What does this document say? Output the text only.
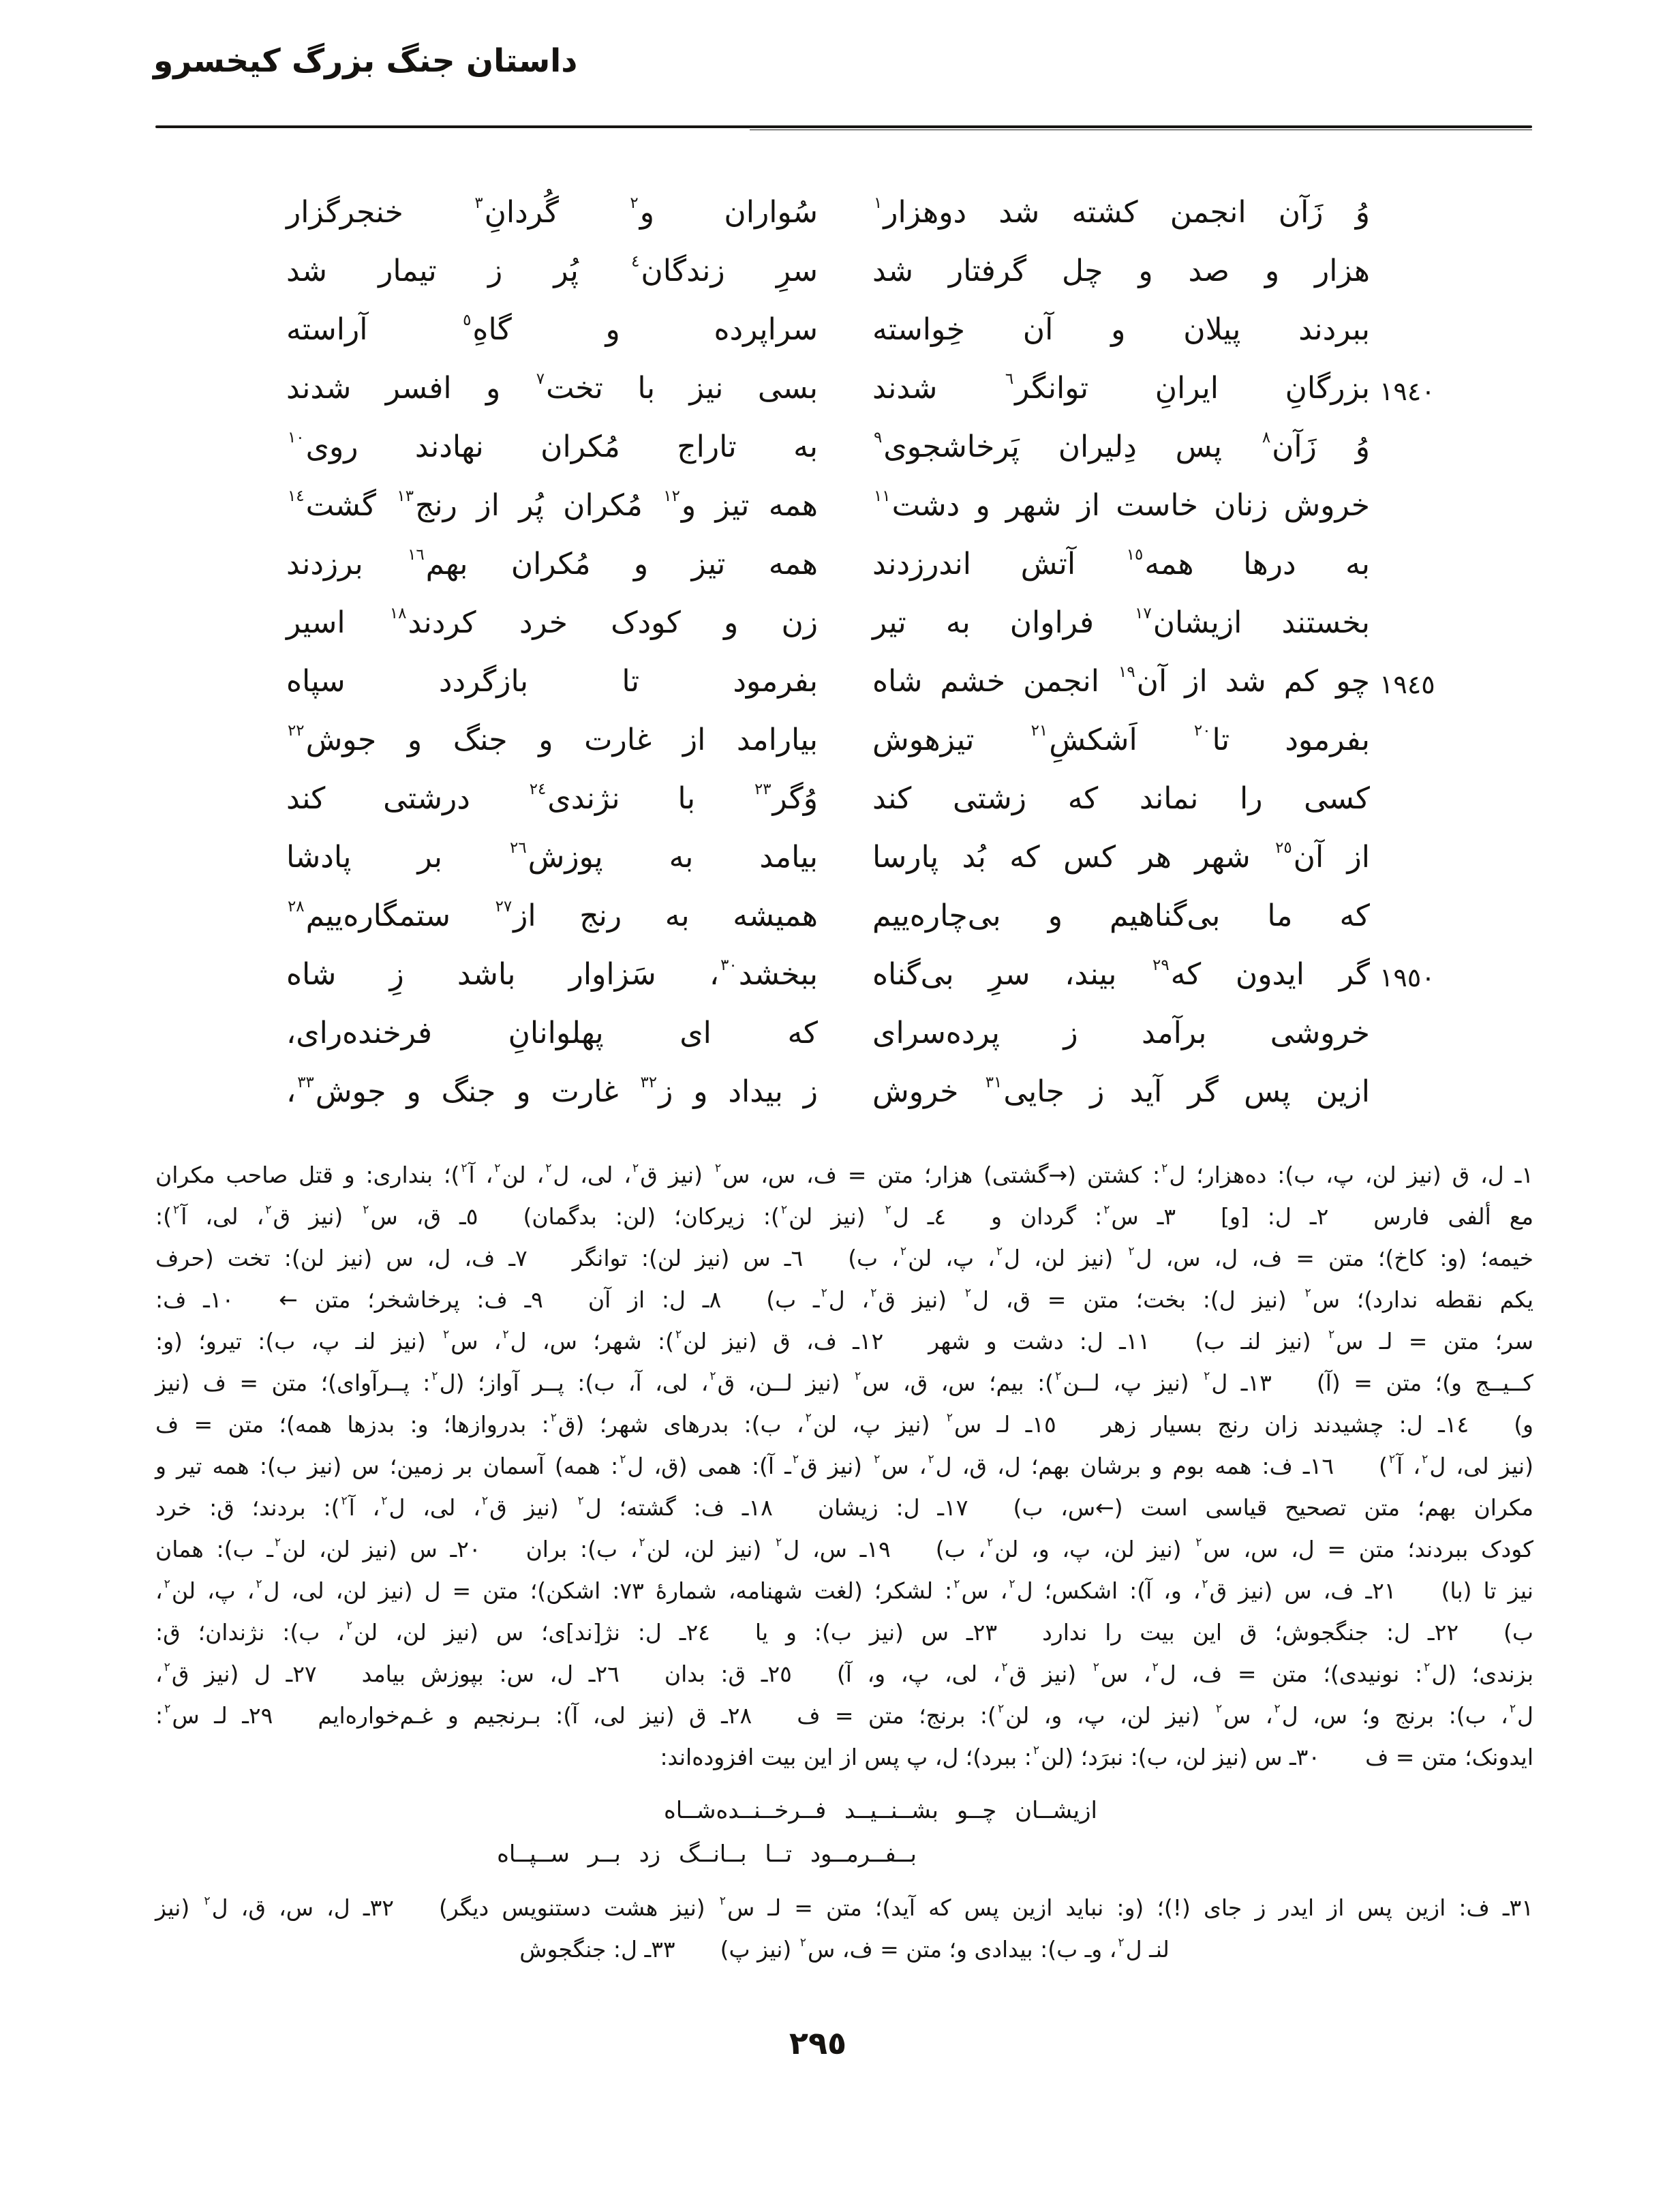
داستان جنگ بزرگ کیخسرو
وُ زَآن انجمن کشته شد دوهزار$^۱$
سُواران و$^۲$ گُردانِ$^۳$ خنجرگزار
هزار و صد و چل گرفتار شد
سرِ زندگان$^٤$ پُر ز تیمار شد
ببردند پیلان و آن خِواسته
سراپرده و گاهِ$^٥$ آراسته
بزرگانِ ایرانِ توانگر$^٦$ شدند
بسی نیز با تخت$^۷$ و افسر شدند	۱۹٤٠
وُ زَآن$^۸$ پس دِلیران پَرخاشجوی$^۹$
به تاراج مُکران نهادند روی$^{۱۰}$
خروش زنان خاست از شهر و دشت$^{۱۱}$
همه تیز و$^{۱۲}$ مُکران پُر از رنج$^{۱۳}$ گشت$^{۱٤}$
به درها همه$^{۱٥}$ آتش اندرزدند
همه تیز و مُکران بهم$^{۱٦}$ برزدند
بخستند ازیشان$^{۱۷}$ فراوان به تیر
زن و کودک خرد کردند$^{۱۸}$ اسیر
چو کم شد از آن$^{۱۹}$ انجمن خشم شاه
بفرمود تا بازگردد سپاه	۱۹٤٥
بفرمود تا$^{۲۰}$ اَشکشِ$^{۲۱}$ تیزهوش
بیارامد از غارت و جنگ و جوش$^{۲۲}$
کسی را نماند که زشتی کند
وُگر$^{۲۳}$ با نژندی$^{۲٤}$ درشتی کند
از آن$^{۲٥}$ شهر هر کس که بُد پارسا
بیامد به پوزش$^{۲٦}$ بر پادشا
که ما بی‌گناهیم و بی‌چاره‌ییم
همیشه به رنج از$^{۲۷}$ ستمگاره‌ییم$^{۲۸}$
گر ایدون که$^{۲۹}$ بیند، سرِ بی‌گناه
ببخشد$^{۳۰}$، سَزاوار باشد زِ شاه	۱۹٥٠
خروشی برآمد ز پرده‌سرای
که ای پهلوانانِ فرخنده‌رای،
ازین پس گر آید ز جایی$^{۳۱}$ خروش
ز بیداد و ز$^{۳۲}$ غارت و جنگ و جوش$^{۳۳}$،
۱ـ ل، ق (نیز لن، پ، ب): ده‌هزار؛ ل$^۲$: کشتن (→گشتی) هزار؛ متن = ف، س، س$^۲$ (نیز ق$^۲$، لی، ل$^۲$، لن$^۲$، آ$^۲$)؛ بنداری: و قتل صاحب مکران
مع ألفی فارس  ۲ـ ل: [و]  ۳ـ س$^۲$: گردان و  ٤ـ ل$^۲$ (نیز لن$^۲$): زیرکان؛ (لن: بدگمان)  ٥ـ ق، س$^۲$ (نیز ق$^۲$، لی، آ$^۲$):
خیمه؛ (و: کاخ)؛ متن = ف، ل، س، ل$^۲$ (نیز لن، ل$^۲$، پ، لن$^۲$، ب)  ٦ـ س (نیز لن): توانگر  ۷ـ ف، ل، س (نیز لن): تخت (حرف
یکم نقطه ندارد)؛ س$^۲$ (نیز ل): بخت؛ متن = ق، ل$^۲$ (نیز ق$^۲$، ل$^۲$ـ ب)  ۸ـ ل: از آن  ۹ـ ف: پرخاشخر؛ متن ←  ۱۰ـ ف:
سر؛ متن = لـ س$^۲$ (نیز لنـ ب)  ۱۱ـ ل: دشت و شهر  ۱۲ـ ف، ق (نیز لن$^۲$): شهر؛ س، ل$^۲$، س$^۲$ (نیز لنـ پ، ب): تیرو؛ (و:
کــیــج و)؛ متن = (آ)  ۱۳ـ ل$^۲$ (نیز پ، لــن$^۲$): بیم؛ س، ق، س$^۲$ (نیز لــن، ق$^۲$، لی، آ، ب): پــر آواز؛ (ل$^۲$: پــرآوای)؛ متن = ف (نیز
و)  ۱٤ـ ل: چشیدند زان رنج بسیار زهر  ۱٥ـ لـ س$^۲$ (نیز پ، لن$^۲$، ب): بدرهای شهر؛ (ق$^۲$: بدروازها؛ و: بدزها همه)؛ متن = ف
(نیز لی، ل$^۲$، آ$^۲$)  ۱٦ـ ف: همه بوم و برشان بهم؛ ل، ق، ل$^۲$، س$^۲$ (نیز ق$^۲$ـ آ): همی (ق، ل$^۲$: همه) آسمان بر زمین؛ س (نیز ب): همه تیر و
مکران بهم؛ متن تصحیح قیاسی است (←س، ب)  ۱۷ـ ل: زیشان  ۱۸ـ ف: گشته؛ ل$^۲$ (نیز ق$^۲$، لی، ل$^۲$، آ$^۲$): بردند؛ ق: خرد
کودک ببردند؛ متن = ل، س، س$^۲$ (نیز لن، پ، و، لن$^۲$، ب)  ۱۹ـ س، ل$^۲$ (نیز لن، لن$^۲$، ب): بران  ۲۰ـ س (نیز لن، لن$^۲$ـ ب): همان
نیز تا (با)  ۲۱ـ ف، س (نیز ق$^۲$، و، آ): اشکس؛ ل$^۲$، س$^۲$: لشکر؛ (لغت شهنامه، شمارهٔ ۷۳: اشکن)؛ متن = ل (نیز لن، لی، ل$^۲$، پ، لن$^۲$،
ب)  ۲۲ـ ل: جنگجوش؛ ق این بیت را ندارد  ۲۳ـ س (نیز ب): و یا  ۲٤ـ ل: نژ[ند]ی؛ س (نیز لن، لن$^۲$، ب): نژندان؛ ق:
بزندی؛ (ل$^۲$: نونیدی)؛ متن = ف، ل$^۲$، س$^۲$ (نیز ق$^۲$، لی، پ، و، آ)  ۲٥ـ ق: بدان  ۲٦ـ ل، س: بپوزش بیامد  ۲۷ـ ل (نیز ق$^۲$،
ل$^۲$، ب): برنج و؛ س، ل$^۲$، س$^۲$ (نیز لن، پ، و، لن$^۲$): برنج؛ متن = ف  ۲۸ـ ق (نیز لی، آ): بـرنجیم و غـم‌خواره‌ایم  ۲۹ـ لـ س$^۲$:
ایدونک؛ متن = ف  ۳۰ـ س (نیز لن، ب): نبرَد؛ (لن$^۲$: ببرد)؛ ل، پ پس از این بیت افزوده‌اند:
ازیشــان چــو بشــنــیــد فــرخــنــده‌شــاه
بــفــرمــود تــا بــانــگ زد بــر ســپــاه
۳۱ـ ف: ازین پس از ایدر ز جای (!)؛ (و: نباید ازین پس که آید)؛ متن = لـ س$^۲$ (نیز هشت دستنویس دیگر)  ۳۲ـ ل، س، ق، ل$^۲$ (نیز
لنـ ل$^۲$، وـ ب): بیدادی و؛ متن = ف، س$^۲$ (نیز پ)  ۳۳ـ ل: جنگجوش
۲۹٥
